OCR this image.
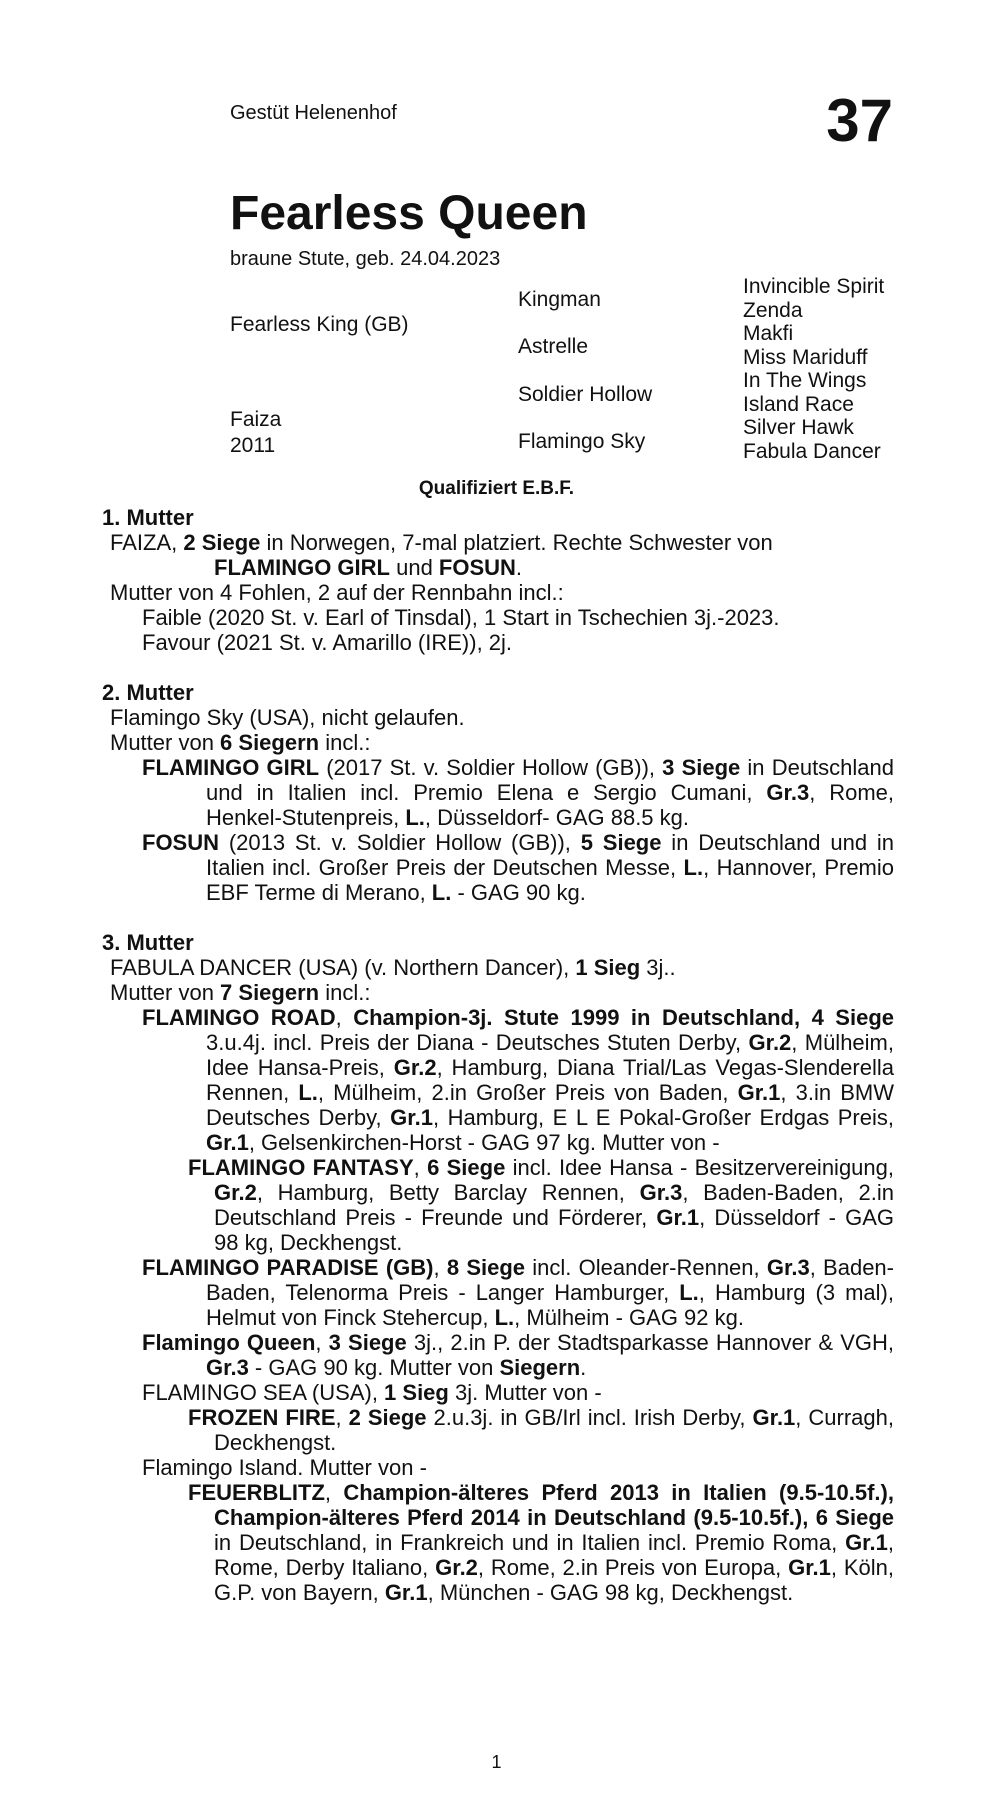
Gestüt Helenenhof	37
Fearless Queen
braune Stute, geb. 24.04.2023
Fearless King (GB)
Faiza
2011
Kingman
Astrelle
Soldier Hollow
Flamingo Sky
Invincible Spirit
Zenda
Makfi
Miss Mariduff
In The Wings
Island Race
Silver Hawk
Fabula Dancer
Qualifiziert E.B.F.
1. Mutter

FAIZA, 2 Siege in Norwegen, 7-mal platziert. Rechte Schwester von

FLAMINGO GIRL und FOSUN.

Mutter von 4 Fohlen, 2 auf der Rennbahn incl.:

Faible (2020 St. v. Earl of Tinsdal), 1 Start in Tschechien 3j.-2023.

Favour (2021 St. v. Amarillo (IRE)), 2j.

2. Mutter

Flamingo Sky (USA), nicht gelaufen.

Mutter von 6 Siegern incl.:

FLAMINGO GIRL (2017 St. v. Soldier Hollow (GB)), 3 Siege in Deutschland und in Italien incl. Premio Elena e Sergio Cumani, Gr.3, Rome, Henkel-Stutenpreis, L., Düsseldorf- GAG 88.5 kg.

FOSUN (2013 St. v. Soldier Hollow (GB)), 5 Siege in Deutschland und in Italien incl. Großer Preis der Deutschen Messe, L., Hannover, Premio EBF Terme di Merano, L. - GAG 90 kg.

3. Mutter

FABULA DANCER (USA) (v. Northern Dancer), 1 Sieg 3j..

Mutter von 7 Siegern incl.:

FLAMINGO ROAD, Champion-3j. Stute 1999 in Deutschland, 4 Siege 3.u.4j. incl. Preis der Diana - Deutsches Stuten Derby, Gr.2, Mülheim, Idee Hansa-Preis, Gr.2, Hamburg, Diana Trial/Las Vegas-Slenderella Rennen, L., Mülheim, 2.in Großer Preis von Baden, Gr.1, 3.in BMW Deutsches Derby, Gr.1, Hamburg, E L E Pokal-Großer Erdgas Preis, Gr.1, Gelsenkirchen-Horst - GAG 97 kg. Mutter von -

FLAMINGO FANTASY, 6 Siege incl. Idee Hansa - Besitzervereinigung, Gr.2, Hamburg, Betty Barclay Rennen, Gr.3, Baden-Baden, 2.in Deutschland Preis - Freunde und Förderer, Gr.1, Düsseldorf - GAG 98 kg, Deckhengst.

FLAMINGO PARADISE (GB), 8 Siege incl. Oleander-Rennen, Gr.3, Baden-Baden, Telenorma Preis - Langer Hamburger, L., Hamburg (3 mal), Helmut von Finck Stehercup, L., Mülheim - GAG 92 kg.

Flamingo Queen, 3 Siege 3j., 2.in P. der Stadtsparkasse Hannover & VGH, Gr.3 - GAG 90 kg. Mutter von Siegern.

FLAMINGO SEA (USA), 1 Sieg 3j. Mutter von -

FROZEN FIRE, 2 Siege 2.u.3j. in GB/Irl incl. Irish Derby, Gr.1, Curragh, Deckhengst.

Flamingo Island. Mutter von -

FEUERBLITZ, Champion-älteres Pferd 2013 in Italien (9.5-10.5f.), Champion-älteres Pferd 2014 in Deutschland (9.5-10.5f.), 6 Siege in Deutschland, in Frankreich und in Italien incl. Premio Roma, Gr.1, Rome, Derby Italiano, Gr.2, Rome, 2.in Preis von Europa, Gr.1, Köln, G.P. von Bayern, Gr.1, München - GAG 98 kg, Deckhengst.

1
